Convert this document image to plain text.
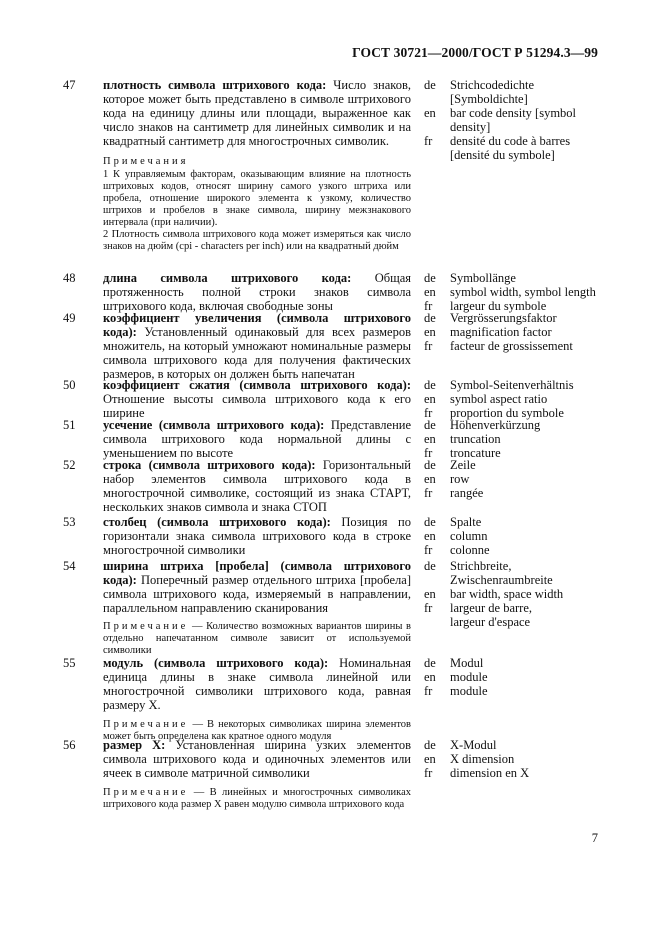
ГОСТ 30721—2000/ГОСТ Р 51294.3—99
47 плотность символа штрихового кода: Число знаков, которое может быть представлено в символе штрихового кода на единицу длины или площади, выраженное как число знаков на сантиметр для линейных символик и на квадратный сантиметр для многострочных символик.
Примечания

1 К управляемым факторам, оказывающим влияние на плотность штриховых кодов, относят ширину самого узкого штриха или пробела, отношение широкого элемента к узкому, количество штрихов и пробелов в знаке символа, ширину межзнакового интервала (при наличии).

2 Плотность символа штрихового кода может измеряться как число знаков на дюйм (cpi - characters per inch) или на квадратный дюйм

de	Strichcodedichte
[Symboldichte]
en	bar code density [symbol
density]
fr	densité du code à barres
[densité du symbole]
48 длина символа штрихового кода: Общая протяженность полной строки знаков символа штрихового кода, включая свободные зоны
de	Symbollänge
en	symbol width, symbol length
fr	largeur du symbole
49 коэффициент увеличения (символа штрихового кода): Установленный одинаковый для всех размеров множитель, на который умножают номинальные размеры символа штрихового кода для получения фактических размеров, в которых он должен быть напечатан
de	Vergrösserungsfaktor
en	magnification factor
fr	facteur de grossissement
50 коэффициент сжатия (символа штрихового кода): Отношение высоты символа штрихового кода к его ширине
de	Symbol-Seitenverhältnis
en	symbol aspect ratio
fr	proportion du symbole
51 усечение (символа штрихового кода): Представление символа штрихового кода нормальной длины с уменьшением по высоте
de	Höhenverkürzung
en	truncation
fr	troncature
52 строка (символа штрихового кода): Горизонтальный набор элементов символа штрихового кода в многострочной символике, состоящий из знака СТАРТ, нескольких знаков символа и знака СТОП
de	Zeile
en	row
fr	rangée
53 столбец (символа штрихового кода): Позиция по горизонтали знака символа штрихового кода в строке многострочной символики
de	Spalte
en	column
fr	colonne
54 ширина штриха [пробела] (символа штрихового кода): Поперечный размер отдельного штриха [пробела] символа штрихового кода, измеряемый в направлении, параллельном направлению сканирования

Примечание — Количество возможных вариантов ширины в отдельно напечатанном символе зависит от используемой символики

de	Strichbreite,
Zwischenraumbreite
en	bar width, space width
fr	largeur de barre,
largeur d'espace
55 модуль (символа штрихового кода): Номинальная единица длины в знаке символа линейной или многострочной символики штрихового кода, равная размеру X.

Примечание — В некоторых символиках ширина элементов может быть определена как кратное одного модуля

de	Modul
en	module
fr	module
56 размер X: Установленная ширина узких элементов символа штрихового кода и одиночных элементов или ячеек в символе матричной символики

Примечание — В линейных и многострочных символиках штрихового кода размер X равен модулю символа штрихового кода

de	X-Modul
en	X dimension
fr	dimension en X
7
